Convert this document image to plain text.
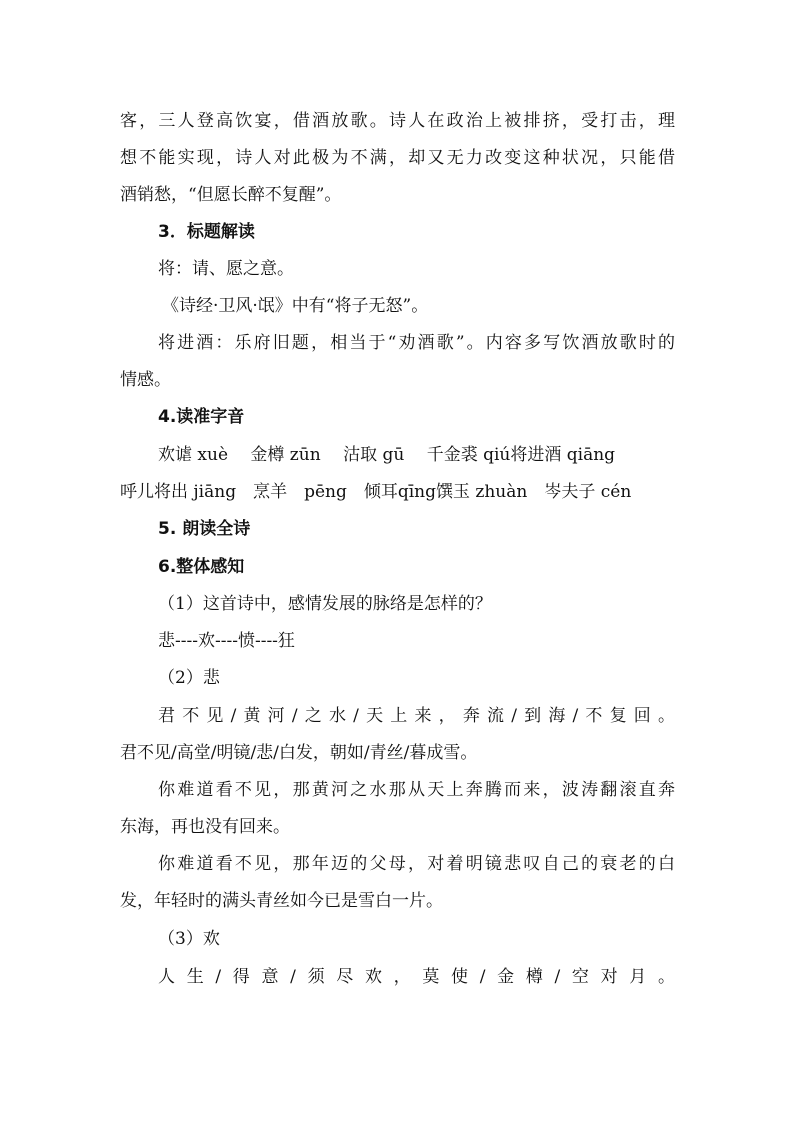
客，三人登高饮宴，借酒放歌。诗人在政治上被排挤，受打击，理
想不能实现，诗人对此极为不满，却又无力改变这种状况，只能借
酒销愁，“但愿长醉不复醒”。
3．标题解读
将：请、愿之意。
《诗经·卫风·氓》中有“将子无怒”。
将进酒：乐府旧题，相当于“劝酒歌”。内容多写饮酒放歌时的
情感。
4.读准字音
欢谑 xuè　 金樽 zūn　 沽取 gū　 千金裘 qiú将进酒 qiāng
呼儿将出 jiāng　烹羊　pēng　倾耳qīng馔玉 zhuàn　岑夫子 cén
5. 朗读全诗
6.整体感知
（1）这首诗中，感情发展的脉络是怎样的？
悲----欢----愤----狂
（2）悲
君不见/黄河/之水/天上来，奔流/到海/不复回。
君不见/高堂/明镜/悲/白发，朝如/青丝/暮成雪。
你难道看不见，那黄河之水那从天上奔腾而来，波涛翻滚直奔
东海，再也没有回来。
你难道看不见，那年迈的父母，对着明镜悲叹自己的衰老的白
发，年轻时的满头青丝如今已是雪白一片。
（3）欢
人生/得意/须尽欢，莫使/金樽/空对月。
